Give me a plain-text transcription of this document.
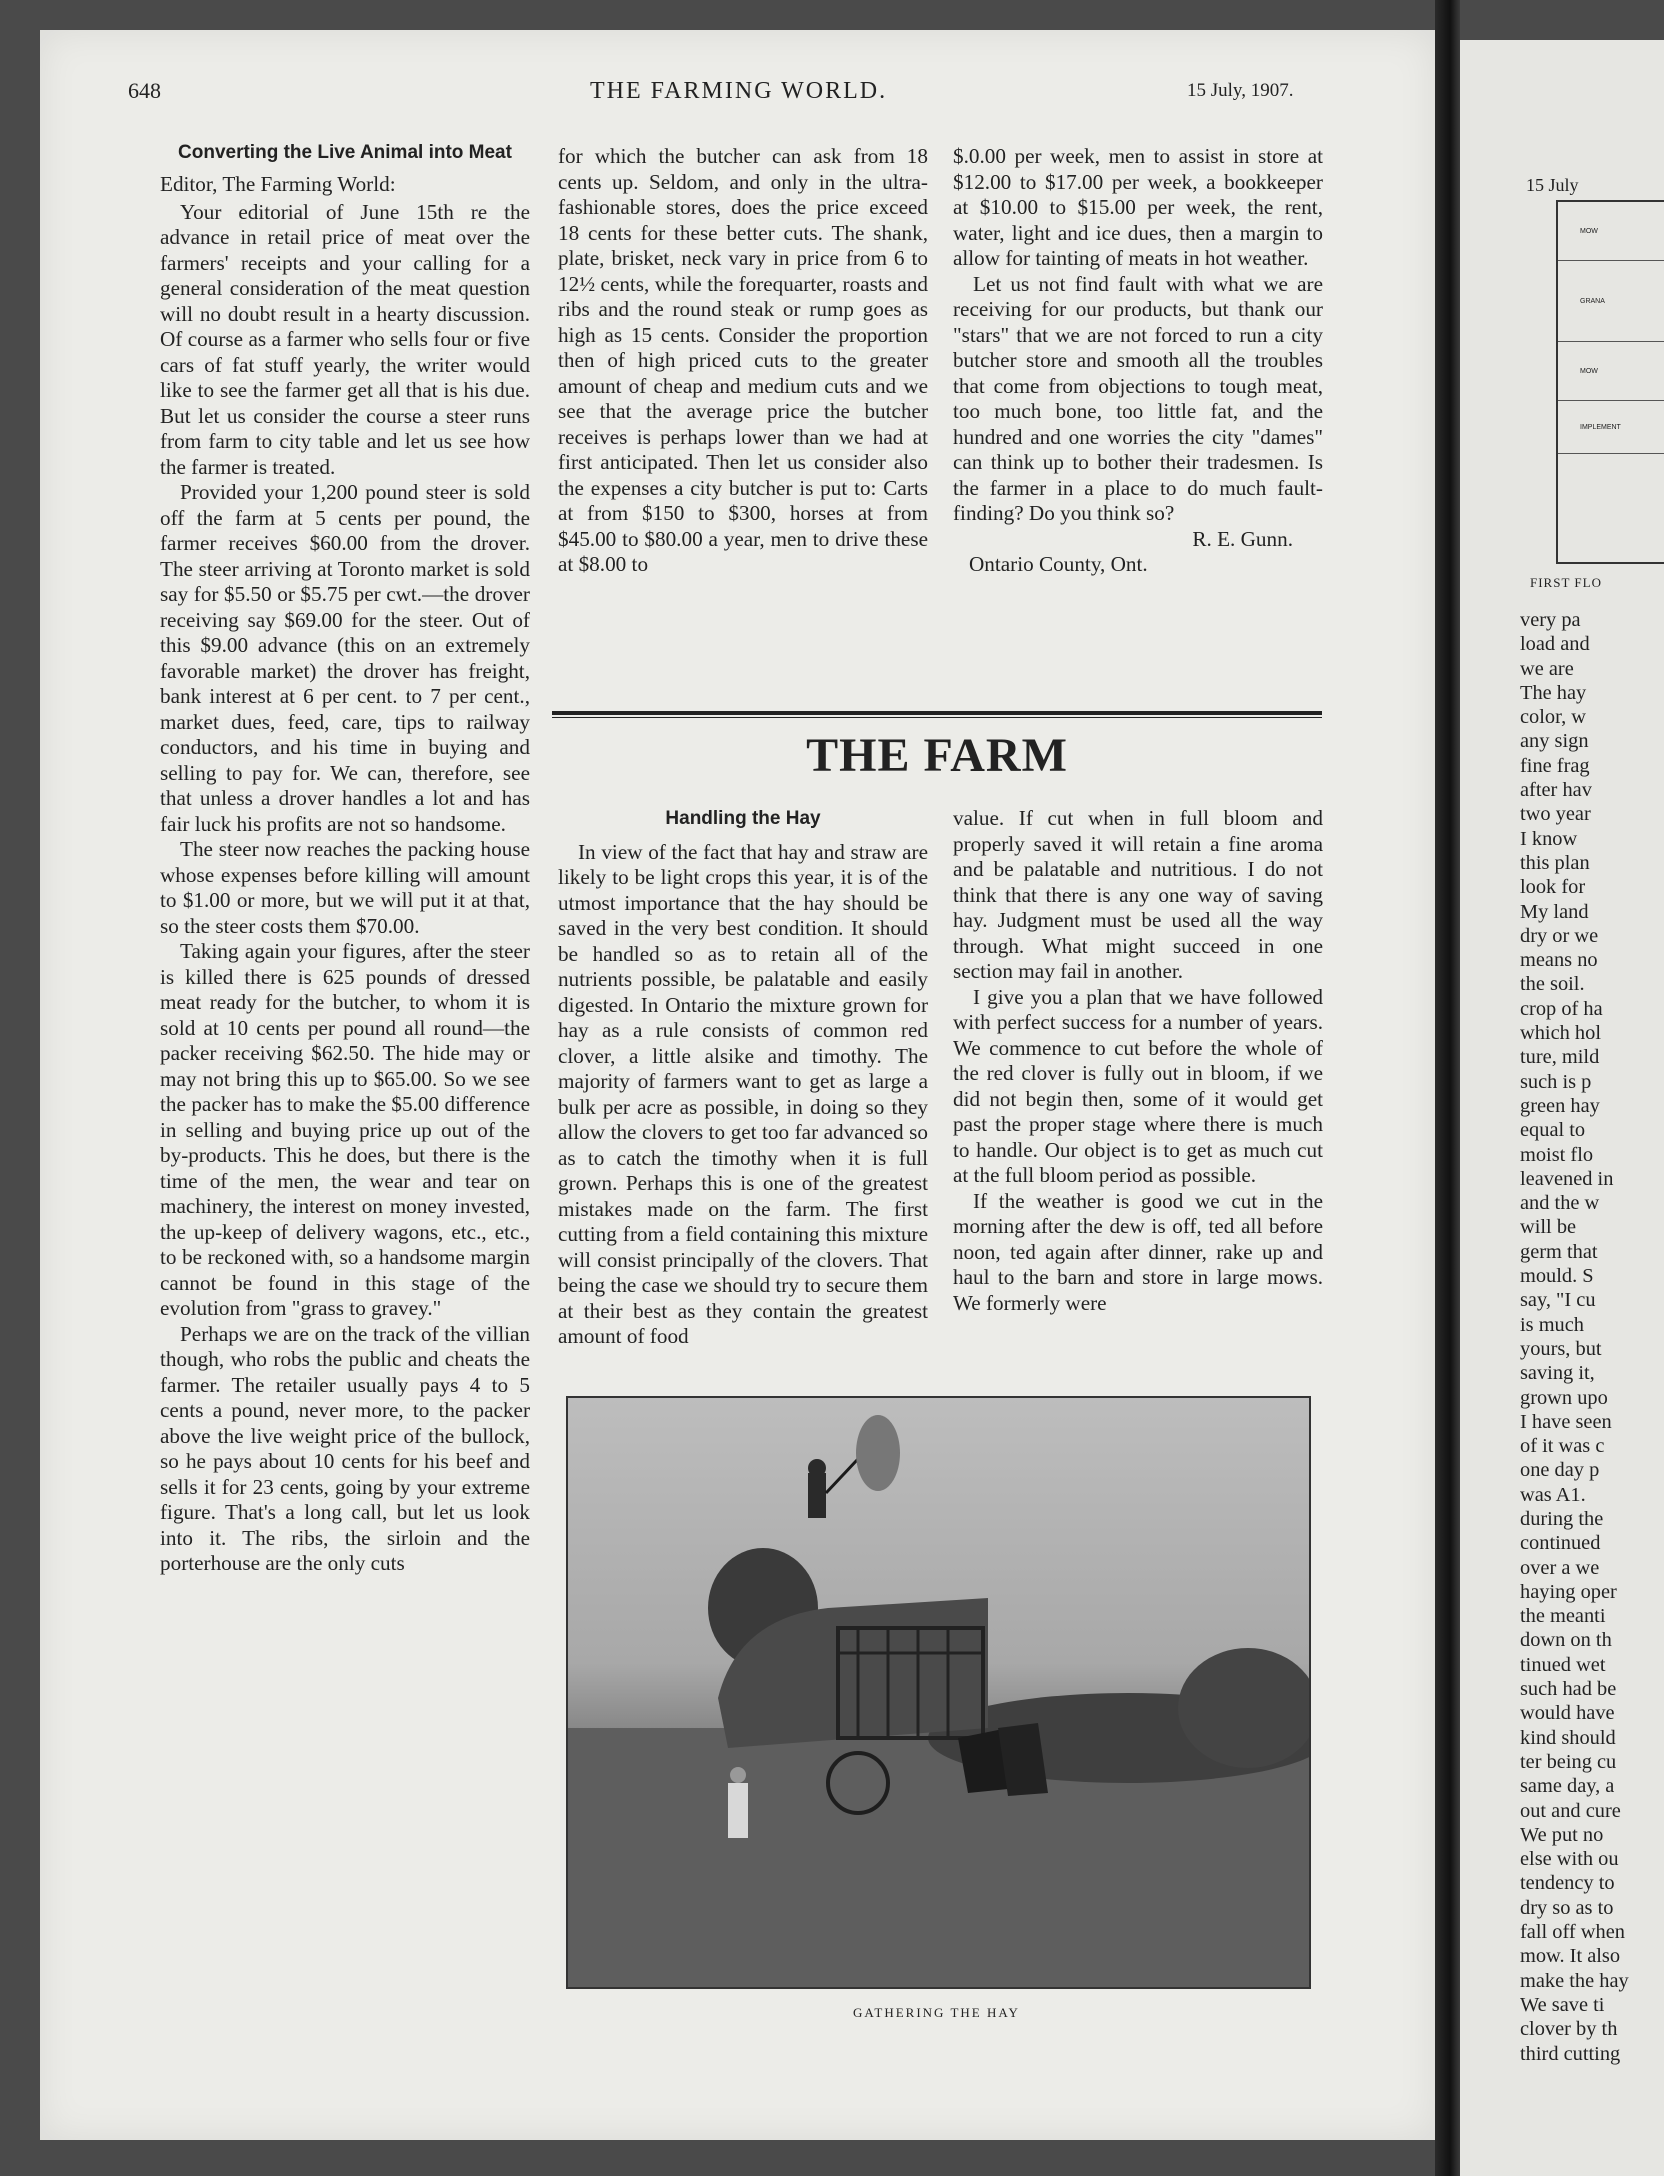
648	THE FARMING WORLD.	15 July, 1907.
Converting the Live Animal into Meat

Editor, The Farming World:

Your editorial of June 15th re the advance in retail price of meat over the farmers' receipts and your calling for a general consideration of the meat question will no doubt result in a hearty discussion. Of course as a farmer who sells four or five cars of fat stuff yearly, the writer would like to see the farmer get all that is his due. But let us consider the course a steer runs from farm to city table and let us see how the farmer is treated.

Provided your 1,200 pound steer is sold off the farm at 5 cents per pound, the farmer receives $60.00 from the drover. The steer arriving at Toronto market is sold say for $5.50 or $5.75 per cwt.—the drover receiving say $69.00 for the steer. Out of this $9.00 advance (this on an extremely favorable market) the drover has freight, bank interest at 6 per cent. to 7 per cent., market dues, feed, care, tips to railway conductors, and his time in buying and selling to pay for. We can, therefore, see that unless a drover handles a lot and has fair luck his profits are not so handsome.

The steer now reaches the packing house whose expenses before killing will amount to $1.00 or more, but we will put it at that, so the steer costs them $70.00.

Taking again your figures, after the steer is killed there is 625 pounds of dressed meat ready for the butcher, to whom it is sold at 10 cents per pound all round—the packer receiving $62.50. The hide may or may not bring this up to $65.00. So we see the packer has to make the $5.00 difference in selling and buying price up out of the by-products. This he does, but there is the time of the men, the wear and tear on machinery, the interest on money invested, the up-keep of delivery wagons, etc., etc., to be reckoned with, so a handsome margin cannot be found in this stage of the evolution from "grass to gravey."

Perhaps we are on the track of the villian though, who robs the public and cheats the farmer. The retailer usually pays 4 to 5 cents a pound, never more, to the packer above the live weight price of the bullock, so he pays about 10 cents for his beef and sells it for 23 cents, going by your extreme figure. That's a long call, but let us look into it. The ribs, the sirloin and the porterhouse are the only cuts

for which the butcher can ask from 18 cents up. Seldom, and only in the ultra-fashionable stores, does the price exceed 18 cents for these better cuts. The shank, plate, brisket, neck vary in price from 6 to 12½ cents, while the forequarter, roasts and ribs and the round steak or rump goes as high as 15 cents. Consider the proportion then of high priced cuts to the greater amount of cheap and medium cuts and we see that the average price the butcher receives is perhaps lower than we had at first anticipated. Then let us consider also the expenses a city butcher is put to: Carts at from $150 to $300, horses at from $45.00 to $80.00 a year, men to drive these at $8.00 to

$.0.00 per week, men to assist in store at $12.00 to $17.00 per week, a bookkeeper at $10.00 to $15.00 per week, the rent, water, light and ice dues, then a margin to allow for tainting of meats in hot weather.

Let us not find fault with what we are receiving for our products, but thank our "stars" that we are not forced to run a city butcher store and smooth all the troubles that come from objections to tough meat, too much bone, too little fat, and the hundred and one worries the city "dames" can think up to bother their tradesmen. Is the farmer in a place to do much fault-finding? Do you think so?

R. E. Gunn.

Ontario County, Ont.

THE FARM
Handling the Hay

In view of the fact that hay and straw are likely to be light crops this year, it is of the utmost importance that the hay should be saved in the very best condition. It should be handled so as to retain all of the nutrients possible, be palatable and easily digested. In Ontario the mixture grown for hay as a rule consists of common red clover, a little alsike and timothy. The majority of farmers want to get as large a bulk per acre as possible, in doing so they allow the clovers to get too far advanced so as to catch the timothy when it is full grown. Perhaps this is one of the greatest mistakes made on the farm. The first cutting from a field containing this mixture will consist principally of the clovers. That being the case we should try to secure them at their best as they contain the greatest amount of food

value. If cut when in full bloom and properly saved it will retain a fine aroma and be palatable and nutritious. I do not think that there is any one way of saving hay. Judgment must be used all the way through. What might succeed in one section may fail in another.

I give you a plan that we have followed with perfect success for a number of years. We commence to cut before the whole of the red clover is fully out in bloom, if we did not begin then, some of it would get past the proper stage where there is much to handle. Our object is to get as much cut at the full bloom period as possible.

If the weather is good we cut in the morning after the dew is off, ted all before noon, ted again after dinner, rake up and haul to the barn and store in large mows. We formerly were

GATHERING THE HAY
15 July
MOW
GRANA
MOW
IMPLEMENT
FIRST FLO
very pa
load and
we are
The hay
color, w
any sign
fine frag
after hav
two year
I know
this plan
look for
My land
dry or we
means no
the soil.
crop of ha
which hol
ture, mild
such is p
green hay
equal to
moist flo
leavened in
and the w
will be
germ that
mould. S
say, "I cu
is much
yours, but
saving it,
grown upo
I have seen
of it was c
one day p
was A1.
during the
continued
over a we
haying oper
the meanti
down on th
tinued wet
such had be
would have
kind should
ter being cu
same day, a
out and cure
We put no
else with ou
tendency to
dry so as to
fall off when
mow. It also
make the hay
We save ti
clover by th
third cutting
